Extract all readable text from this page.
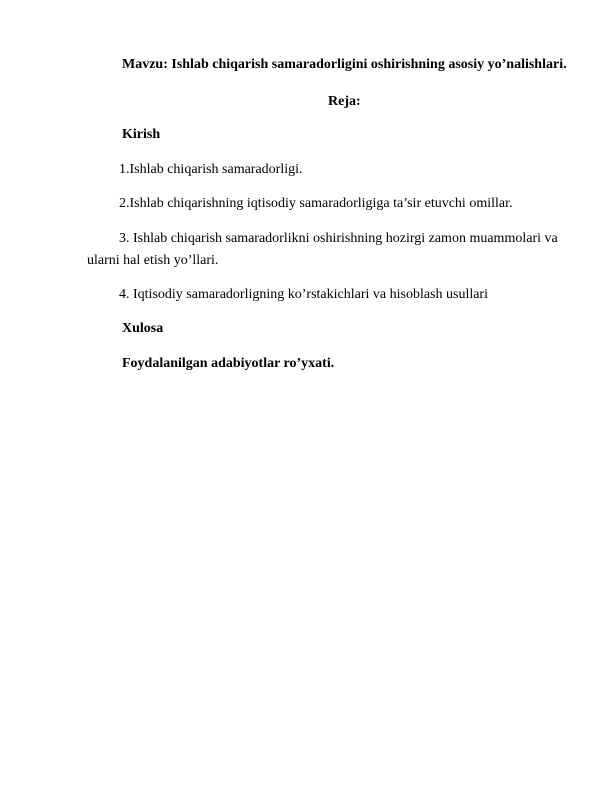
Mavzu: Ishlab chiqarish samaradorligini oshirishning asosiy yo’nalishlari.
Reja:
Kirish
1.Ishlab chiqarish samaradorligi.
2.Ishlab chiqarishning iqtisodiy samaradorligiga ta’sir etuvchi omillar.
3. Ishlab chiqarish samaradorlikni oshirishning hozirgi zamon muammolari va
ularni hal etish yo’llari.
4. Iqtisodiy samaradorligning ko’rstakichlari va hisoblash usullari
Xulosa
Foydalanilgan adabiyotlar ro’yxati.
